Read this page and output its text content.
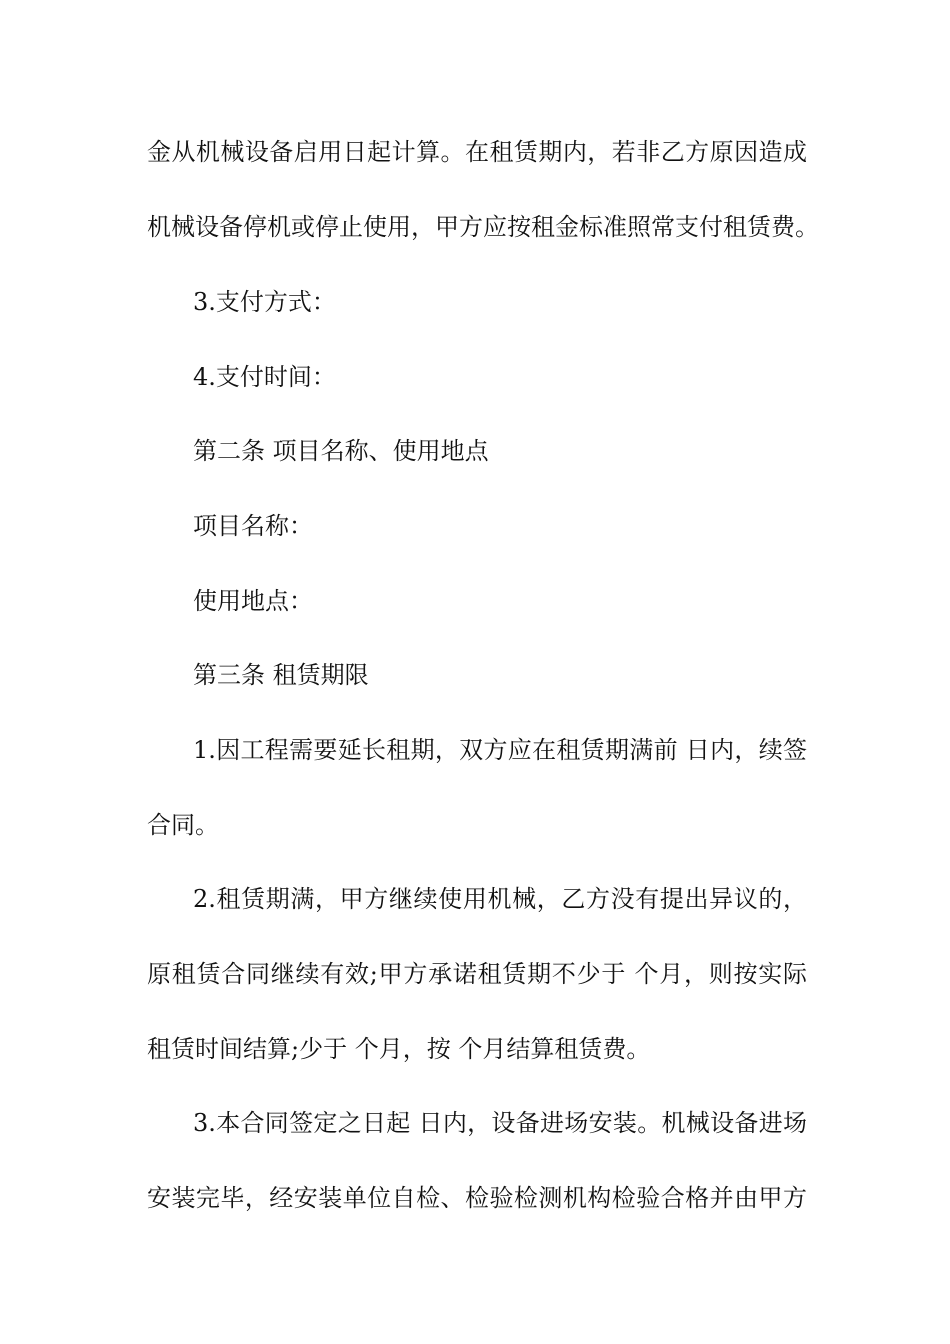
金从机械设备启用日起计算。在租赁期内，若非乙方原因造成
机械设备停机或停止使用，甲方应按租金标准照常支付租赁费。
3.支付方式：
4.支付时间：
第二条 项目名称、使用地点
项目名称：
使用地点：
第三条 租赁期限
1.因工程需要延长租期，双方应在租赁期满前 日内，续签
合同。
2.租赁期满，甲方继续使用机械，乙方没有提出异议的，
原租赁合同继续有效;甲方承诺租赁期不少于 个月，则按实际
租赁时间结算;少于 个月，按 个月结算租赁费。
3.本合同签定之日起 日内，设备进场安装。机械设备进场
安装完毕，经安装单位自检、检验检测机构检验合格并由甲方
